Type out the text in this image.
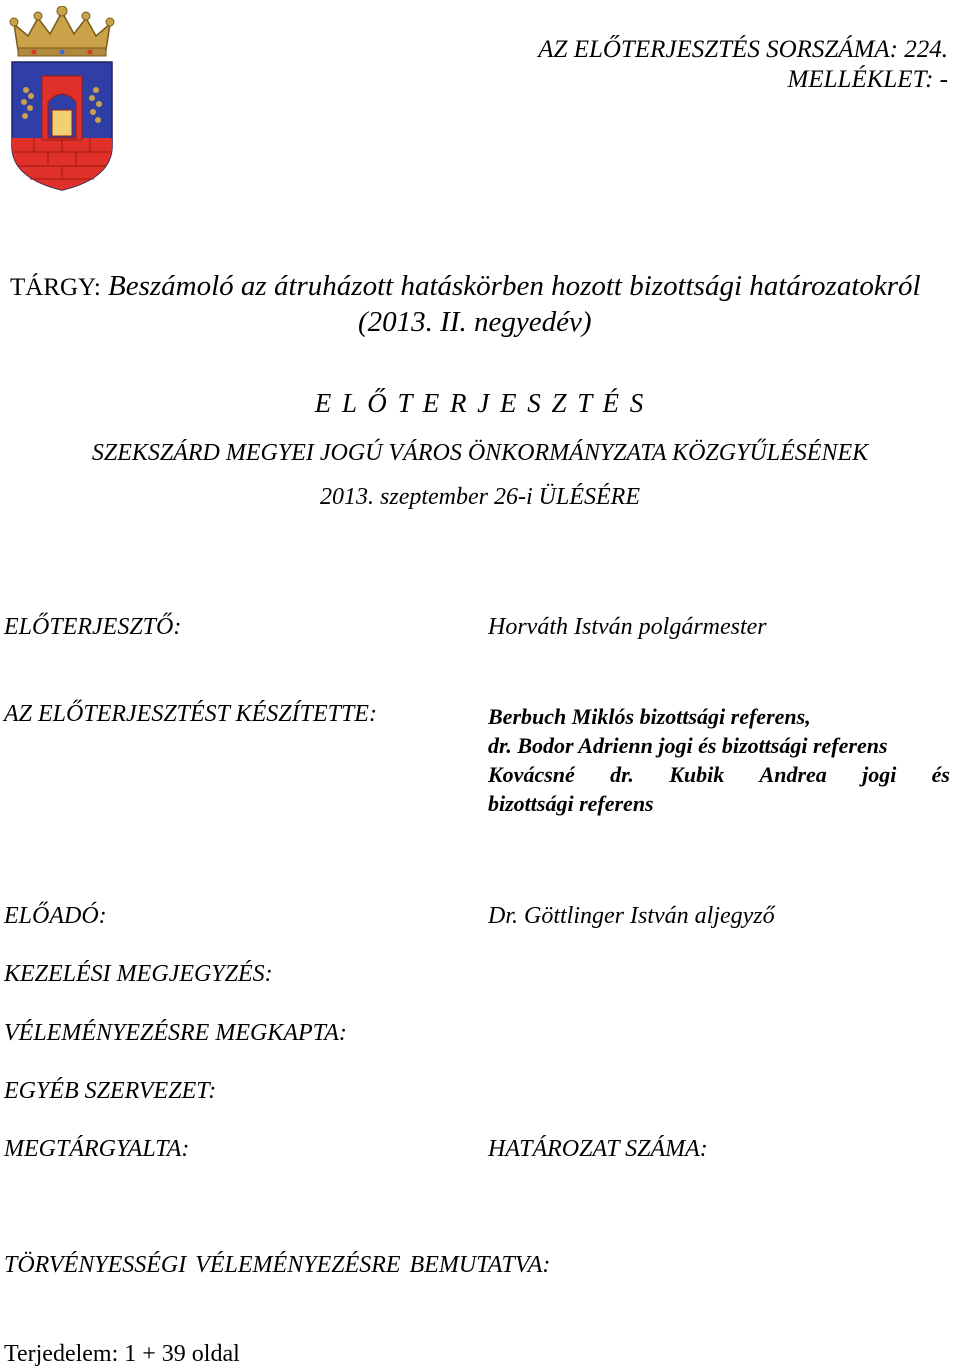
AZ ELŐTERJESZTÉS SORSZÁMA: 224.
MELLÉKLET: -
TÁRGY: Beszámoló az átruházott hatáskörben hozott bizottsági határozatokról
(2013. II. negyedév)
E L Ő T E R J E S Z T É S
SZEKSZÁRD MEGYEI JOGÚ VÁROS ÖNKORMÁNYZATA KÖZGYŰLÉSÉNEK
2013. szeptember 26-i ÜLÉSÉRE
ELŐTERJESZTŐ:	Horváth István polgármester
AZ ELŐTERJESZTÉST KÉSZÍTETTE:	Berbuch Miklós bizottsági referens,
dr. Bodor Adrienn jogi és bizottsági referens
Kovácsné dr. Kubik Andrea jogi és
bizottsági referens
ELŐADÓ:	Dr. Göttlinger István aljegyző
KEZELÉSI MEGJEGYZÉS:
VÉLEMÉNYEZÉSRE MEGKAPTA:
EGYÉB SZERVEZET:
MEGTÁRGYALTA:	HATÁROZAT SZÁMA:
TÖRVÉNYESSÉGI VÉLEMÉNYEZÉSRE BEMUTATVA:
Terjedelem: 1 + 39 oldal
